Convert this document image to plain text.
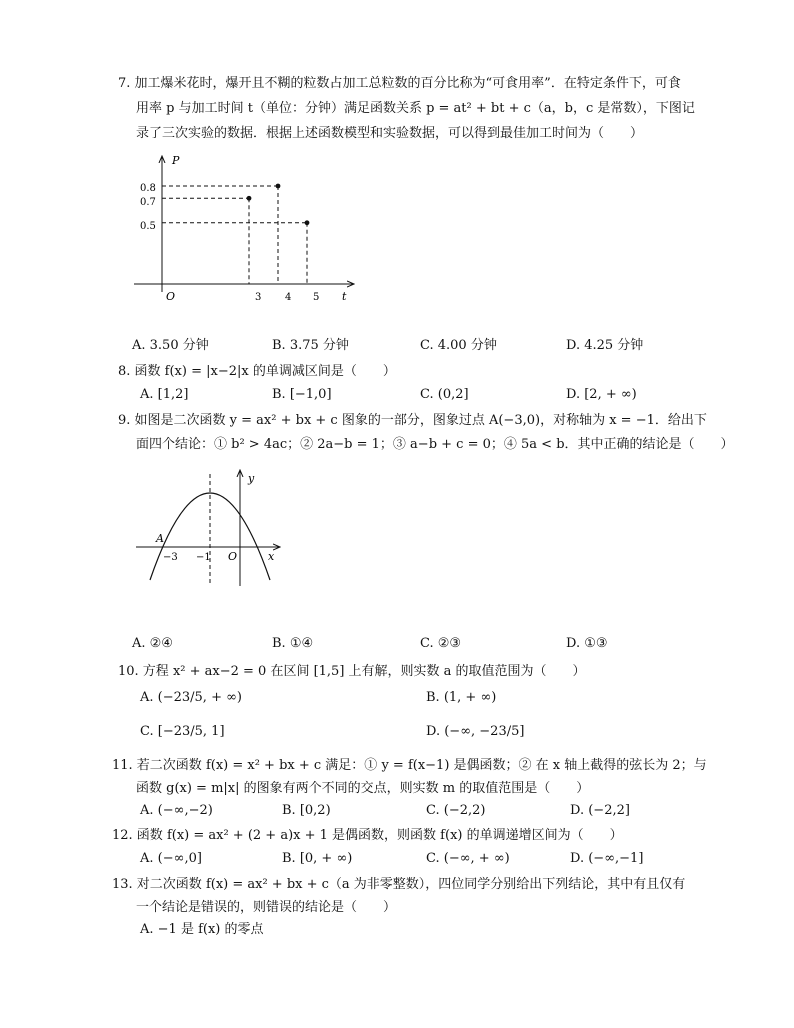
7. 加工爆米花时，爆开且不糊的粒数占加工总粒数的百分比称为“可食用率”．在特定条件下，可食
用率 p 与加工时间 t（单位：分钟）满足函数关系 p = at² + bt + c（a，b，c 是常数），下图记
录了三次实验的数据．根据上述函数模型和实验数据，可以得到最佳加工时间为（　　）
P
t
O
0.8
0.7
0.5
3 4 5
A. 3.50 分钟	B. 3.75 分钟	C. 4.00 分钟	D. 4.25 分钟
8. 函数 f(x) = |x−2|x 的单调减区间是（　　）
A. [1,2]	B. [−1,0]	C. (0,2]	D. [2, + ∞)
9. 如图是二次函数 y = ax² + bx + c 图象的一部分，图象过点 A(−3,0)，对称轴为 x = −1．给出下
面四个结论：① b² > 4ac；② 2a−b = 1；③ a−b + c = 0；④ 5a < b．其中正确的结论是（　　）
y
x
O
A
−3 −1
A. ②④	B. ①④	C. ②③	D. ①③
10. 方程 x² + ax−2 = 0 在区间 [1,5] 上有解，则实数 a 的取值范围为（　　）
A. (−23/5, + ∞)	B. (1, + ∞)
C. [−23/5, 1]	D. (−∞, −23/5]
11. 若二次函数 f(x) = x² + bx + c 满足：① y = f(x−1) 是偶函数；② 在 x 轴上截得的弦长为 2；与
函数 g(x) = m|x| 的图象有两个不同的交点，则实数 m 的取值范围是（　　）
A. (−∞,−2)	B. [0,2)	C. (−2,2)	D. (−2,2]
12. 函数 f(x) = ax² + (2 + a)x + 1 是偶函数，则函数 f(x) 的单调递增区间为（　　）
A. (−∞,0]	B. [0, + ∞)	C. (−∞, + ∞)	D. (−∞,−1]
13. 对二次函数 f(x) = ax² + bx + c（a 为非零整数），四位同学分别给出下列结论，其中有且仅有
一个结论是错误的，则错误的结论是（　　）
A. −1 是 f(x) 的零点
